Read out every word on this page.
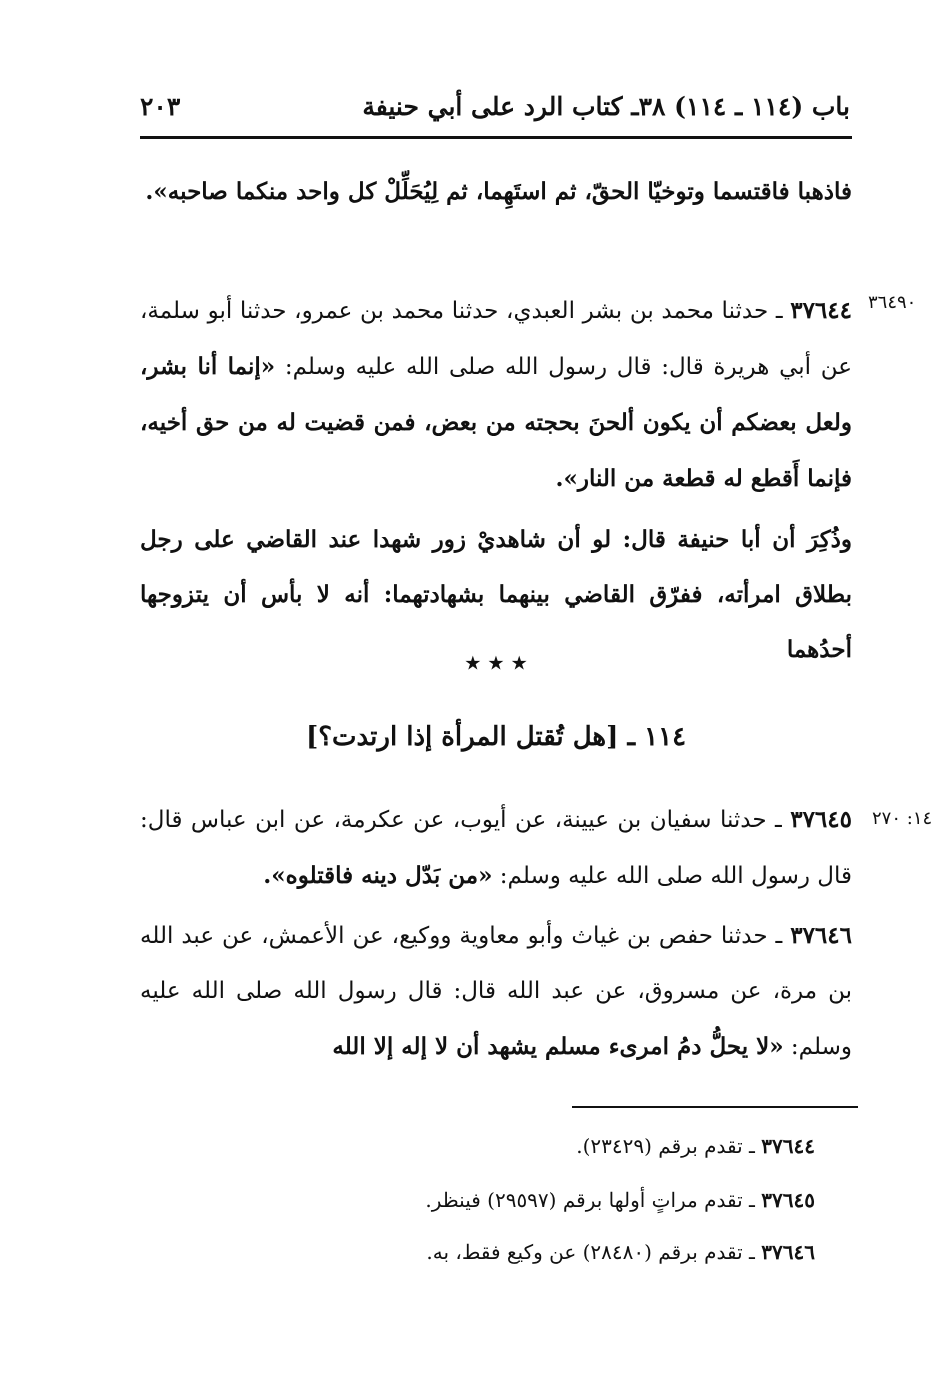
باب (١١٤ ـ ١١٤) ٣٨ـ كتاب الرد على أبي حنيفة
٢٠٣
فاذهبا فاقتسما وتوخيّا الحقّ، ثم استَهِما، ثم لِيُحَلِّلْ كل واحد منكما صاحبه».
٣٦٤٩٠
٣٧٦٤٤ ـ حدثنا محمد بن بشر العبدي، حدثنا محمد بن عمرو، حدثنا أبو سلمة، عن أبي هريرة قال: قال رسول الله صلى الله عليه وسلم: «إنما أنا بشر، ولعل بعضكم أن يكون ألحنَ بحجته من بعض، فمن قضيت له من حق أخيه، فإنما أَقطع له قطعة من النار».
وذُكِرَ أن أبا حنيفة قال: لو أن شاهديْ زور شهدا عند القاضي على رجل بطلاق امرأته، ففرّق القاضي بينهما بشهادتهما: أنه لا بأس أن يتزوجها أحدُهما
٭ ٭ ٭
١١٤ ـ [هل تُقتل المرأة إذا ارتدت؟]
١٤: ٢٧٠
٣٧٦٤٥ ـ حدثنا سفيان بن عيينة، عن أيوب، عن عكرمة، عن ابن عباس قال: قال رسول الله صلى الله عليه وسلم: «من بَدّل دينه فاقتلوه».
٣٧٦٤٦ ـ حدثنا حفص بن غياث وأبو معاوية ووكيع، عن الأعمش، عن عبد الله بن مرة، عن مسروق، عن عبد الله قال: قال رسول الله صلى الله عليه وسلم: «لا يحلُّ دمُ امرىء مسلم يشهد أن لا إله إلا الله
٣٧٦٤٤ ـ تقدم برقم (٢٣٤٢٩).
٣٧٦٤٥ ـ تقدم مراتٍ أولها برقم (٢٩٥٩٧) فينظر.
٣٧٦٤٦ ـ تقدم برقم (٢٨٤٨٠) عن وكيع فقط، به.
